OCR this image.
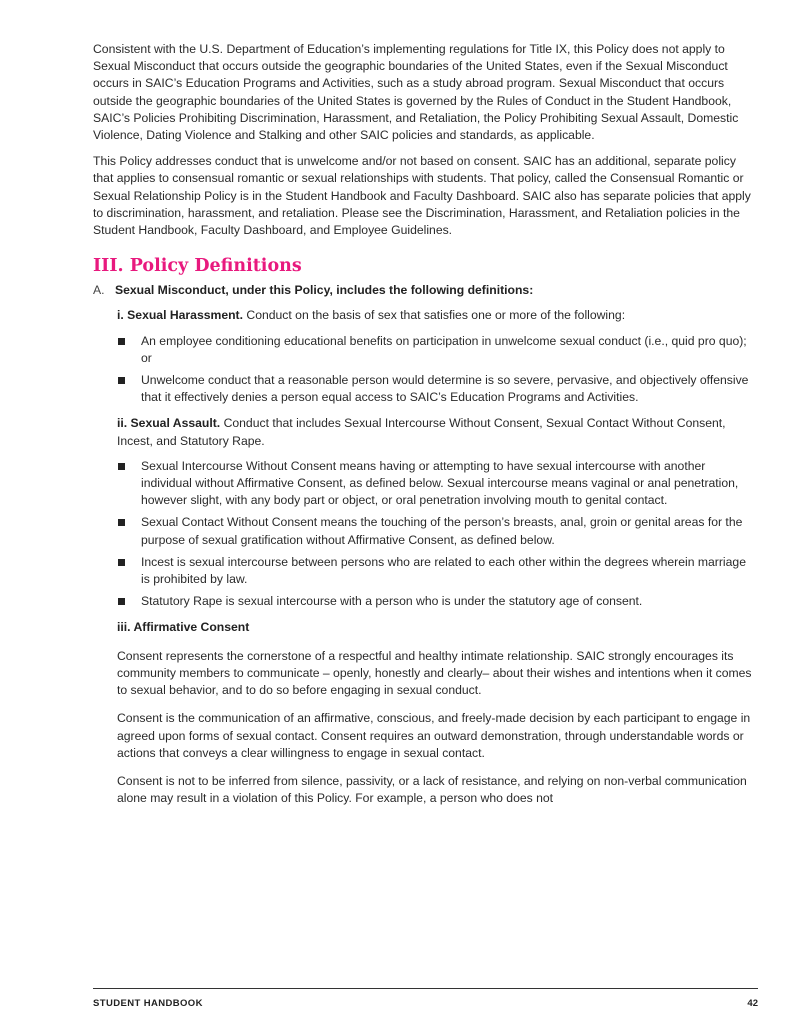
Consistent with the U.S. Department of Education’s implementing regulations for Title IX, this Policy does not apply to Sexual Misconduct that occurs outside the geographic boundaries of the United States, even if the Sexual Misconduct occurs in SAIC’s Education Programs and Activities, such as a study abroad program. Sexual Misconduct that occurs outside the geographic boundaries of the United States is governed by the Rules of Conduct in the Student Handbook, SAIC’s Policies Prohibiting Discrimination, Harassment, and Retaliation, the Policy Prohibiting Sexual Assault, Domestic Violence, Dating Violence and Stalking and other SAIC policies and standards, as applicable.

This Policy addresses conduct that is unwelcome and/or not based on consent. SAIC has an additional, separate policy that applies to consensual romantic or sexual relationships with students. That policy, called the Consensual Romantic or Sexual Relationship Policy is in the Student Handbook and Faculty Dashboard. SAIC also has separate policies that apply to discrimination, harassment, and retaliation. Please see the Discrimination, Harassment, and Retaliation policies in the Student Handbook, Faculty Dashboard, and Employee Guidelines.

III. Policy Definitions

A. Sexual Misconduct, under this Policy, includes the following definitions:

i. Sexual Harassment. Conduct on the basis of sex that satisfies one or more of the following:

An employee conditioning educational benefits on participation in unwelcome sexual conduct (i.e., quid pro quo); or
Unwelcome conduct that a reasonable person would determine is so severe, pervasive, and objectively offensive that it effectively denies a person equal access to SAIC’s Education Programs and Activities.

ii. Sexual Assault. Conduct that includes Sexual Intercourse Without Consent, Sexual Contact Without Consent, Incest, and Statutory Rape.

Sexual Intercourse Without Consent means having or attempting to have sexual intercourse with another individual without Affirmative Consent, as defined below. Sexual intercourse means vaginal or anal penetration, however slight, with any body part or object, or oral penetration involving mouth to genital contact.
Sexual Contact Without Consent means the touching of the person’s breasts, anal, groin or genital areas for the purpose of sexual gratification without Affirmative Consent, as defined below.
Incest is sexual intercourse between persons who are related to each other within the degrees wherein marriage is prohibited by law.
Statutory Rape is sexual intercourse with a person who is under the statutory age of consent.

iii. Affirmative Consent

Consent represents the cornerstone of a respectful and healthy intimate relationship. SAIC strongly encourages its community members to communicate – openly, honestly and clearly– about their wishes and intentions when it comes to sexual behavior, and to do so before engaging in sexual conduct.

Consent is the communication of an affirmative, conscious, and freely-made decision by each participant to engage in agreed upon forms of sexual contact. Consent requires an outward demonstration, through understandable words or actions that conveys a clear willingness to engage in sexual contact.

Consent is not to be inferred from silence, passivity, or a lack of resistance, and relying on non-verbal communication alone may result in a violation of this Policy. For example, a person who does not

STUDENT HANDBOOK	42
